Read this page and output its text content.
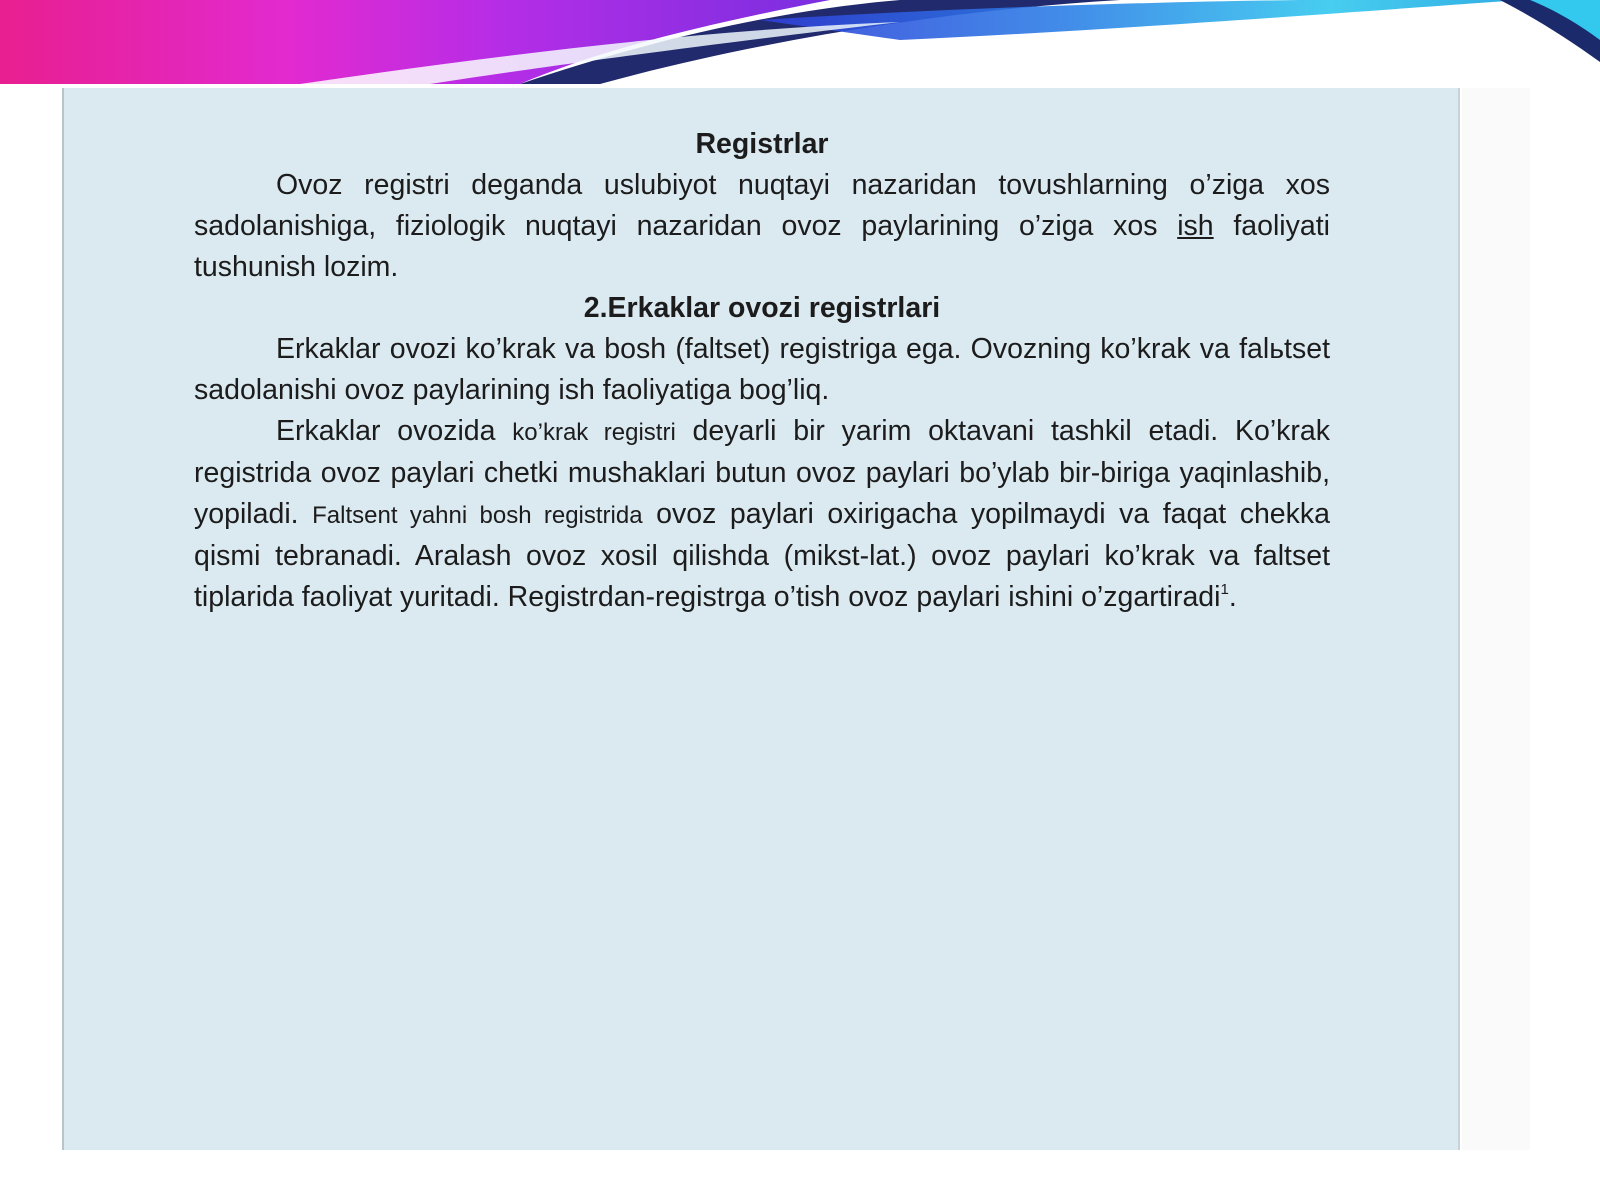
Registrlar

Ovoz registri deganda uslubiyot nuqtayi nazaridan tovushlarning o’ziga xos sadolanishiga, fiziologik nuqtayi nazaridan ovoz paylarining o’ziga xos ish faoliyati tushunish lozim.

2.Erkaklar ovozi registrlari

Erkaklar ovozi ko’krak va bosh (faltset) registriga ega. Ovozning ko’krak va falьtset sadolanishi ovoz paylarining ish faoliyatiga bog’liq.

Erkaklar ovozida ko’krak registri deyarli bir yarim oktavani tashkil etadi. Ko’krak registrida ovoz paylari chetki mushaklari butun ovoz paylari bo’ylab bir-biriga yaqinlashib, yopiladi. Faltsent yahni bosh registrida ovoz paylari oxirigacha yopilmaydi va faqat chekka qismi tebranadi. Aralash ovoz xosil qilishda (mikst-lat.) ovoz paylari ko’krak va faltset tiplarida faoliyat yuritadi. Registrdan-registrga o’tish ovoz paylari ishini o’zgartiradi$^1$.
